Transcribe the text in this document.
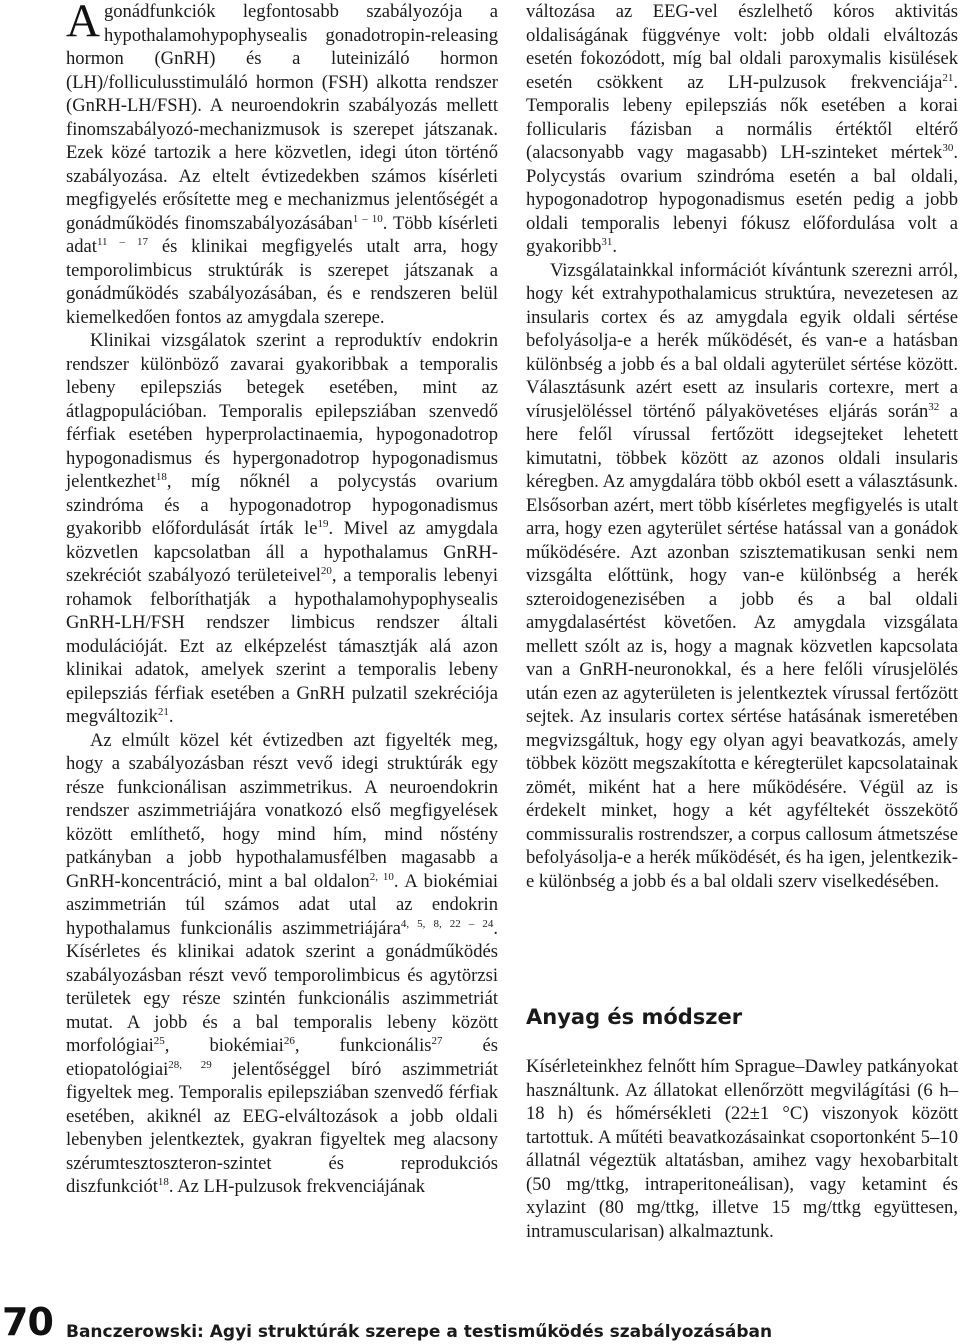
Agonádfunkciók legfontosabb szabályozója a hypothalamohypophysealis gonadotropin-releasing hormon (GnRH) és a luteinizáló hormon (LH)/folliculusstimuláló hormon (FSH) alkotta rendszer (GnRH-LH/FSH). A neuroendokrin szabályozás mellett finomszabályozó-mechanizmusok is szerepet játszanak. Ezek közé tartozik a here közvetlen, idegi úton történő szabályozása. Az eltelt évtizedekben számos kísérleti megfigyelés erősítette meg e mechanizmus jelentőségét a gonádműködés finomszabályozásában$^{1 - 10}$. Több kísérleti adat$^{11 - 17}$ és klinikai megfigyelés utalt arra, hogy temporolimbicus struktúrák is szerepet játszanak a gonádműködés szabályozásában, és e rendszeren belül kiemelkedően fontos az amygdala szerepe.

Klinikai vizsgálatok szerint a reproduktív endokrin rendszer különböző zavarai gyakoribbak a temporalis lebeny epilepsziás betegek esetében, mint az átlagpopulációban. Temporalis epilepsziában szenvedő férfiak esetében hyperprolactinaemia, hypogonadotrop hypogonadismus és hypergonadotrop hypogonadismus jelentkezhet$^{18}$, míg nőknél a polycystás ovarium szindróma és a hypogonadotrop hypogonadismus gyakoribb előfordulását írták $le^{19}$. Mivel az amygdala közvetlen kapcsolatban áll a hypothalamus GnRH-szekréciót szabályozó területeivel$^{20}$, a temporalis lebenyi rohamok felboríthatják a hypothalamohypophysealis GnRH-LH/FSH rendszer limbicus rendszer általi modulációját. Ezt az elképzelést támasztják alá azon klinikai adatok, amelyek szerint a temporalis lebeny epilepsziás férfiak esetében a GnRH pulzatil szekréciója megváltozik$^{21}$.

Az elmúlt közel két évtizedben azt figyelték meg, hogy a szabályozásban részt vevő idegi struktúrák egy része funkcionálisan aszimmetrikus. A neuroendokrin rendszer aszimmetriájára vonatkozó első megfigyelések között említhető, hogy mind hím, mind nőstény patkányban a jobb hypothalamusfélben magasabb a GnRH-koncentráció, mint a bal oldalon$^{2, 10}$. A biokémiai aszimmetrián túl számos adat utal az endokrin hypothalamus funkcionális aszimmetriájára$^{4, 5, 8, 22 - 24}$. Kísérletes és klinikai adatok szerint a gonádműködés szabályozásban részt vevő temporolimbicus és agytörzsi területek egy része szintén funkcionális aszimmetriát mutat. A jobb és a bal temporalis lebeny között morfológiai$^{25}$, biokémiai$^{26}$, funkcionális$^{27}$ és etiopatológiai$^{28, 29}$ jelentőséggel bíró aszimmetriát figyeltek meg. Temporalis epilepsziában szenvedő férfiak esetében, akiknél az EEG-elváltozások a jobb oldali lebenyben jelentkeztek, gyakran figyeltek meg alacsony szérumtesztoszteron-szintet és reprodukciós diszfunkciót$^{18}$. Az LH-pulzusok frekvenciájának

változása az EEG-vel észlelhető kóros aktivitás oldaliságának függvénye volt: jobb oldali elváltozás esetén fokozódott, míg bal oldali paroxymalis kisülések esetén csökkent az LH-pulzusok frekvenciája$^{21}$. Temporalis lebeny epilepsziás nők esetében a korai follicularis fázisban a normális értéktől eltérő (alacsonyabb vagy magasabb) LH-szinteket mértek$^{30}$. Polycystás ovarium szindróma esetén a bal oldali, hypogonadotrop hypogonadismus esetén pedig a jobb oldali temporalis lebenyi fókusz előfordulása volt a gyakoribb$^{31}$.

Vizsgálatainkkal információt kívántunk szerezni arról, hogy két extrahypothalamicus struktúra, nevezetesen az insularis cortex és az amygdala egyik oldali sértése befolyásolja-e a herék működését, és van-e a hatásban különbség a jobb és a bal oldali agyterület sértése között. Választásunk azért esett az insularis cortexre, mert a vírusjelöléssel történő pályakövetéses eljárás során$^{32}$ a here felől vírussal fertőzött idegsejteket lehetett kimutatni, többek között az azonos oldali insularis kéregben. Az amygdalára több okból esett a választásunk. Elsősorban azért, mert több kísérletes megfigyelés is utalt arra, hogy ezen agyterület sértése hatással van a gonádok működésére. Azt azonban szisztematikusan senki nem vizsgálta előttünk, hogy van-e különbség a herék szteroidogenezisében a jobb és a bal oldali amygdalasértést követően. Az amygdala vizsgálata mellett szólt az is, hogy a magnak közvetlen kapcsolata van a GnRH-neuronokkal, és a here felőli vírusjelölés után ezen az agyterületen is jelentkeztek vírussal fertőzött sejtek. Az insularis cortex sértése hatásának ismeretében megvizsgáltuk, hogy egy olyan agyi beavatkozás, amely többek között megszakította e kéregterület kapcsolatainak zömét, miként hat a here működésére. Végül az is érdekelt minket, hogy a két agyféltekét összekötő commissuralis rostrendszer, a corpus callosum átmetszése befolyásolja-e a herék működését, és ha igen, jelentkezik-e különbség a jobb és a bal oldali szerv viselkedésében.

Anyag és módszer

Kísérleteinkhez felnőtt hím Sprague–Dawley patkányokat használtunk. Az állatokat ellenőrzött megvilágítási (6 h–18 h) és hőmérsékleti (22±1 °C) viszonyok között tartottuk. A műtéti beavatkozásainkat csoportonként 5–10 állatnál végeztük altatásban, amihez vagy hexobarbitalt (50 mg/ttkg, intraperitoneálisan), vagy ketamint és xylazint (80 mg/ttkg, illetve 15 mg/ttkg együttesen, intramuscularisan) alkalmaztunk.

70 Banczerowski: Agyi struktúrák szerepe a testisműködés szabályozásában
